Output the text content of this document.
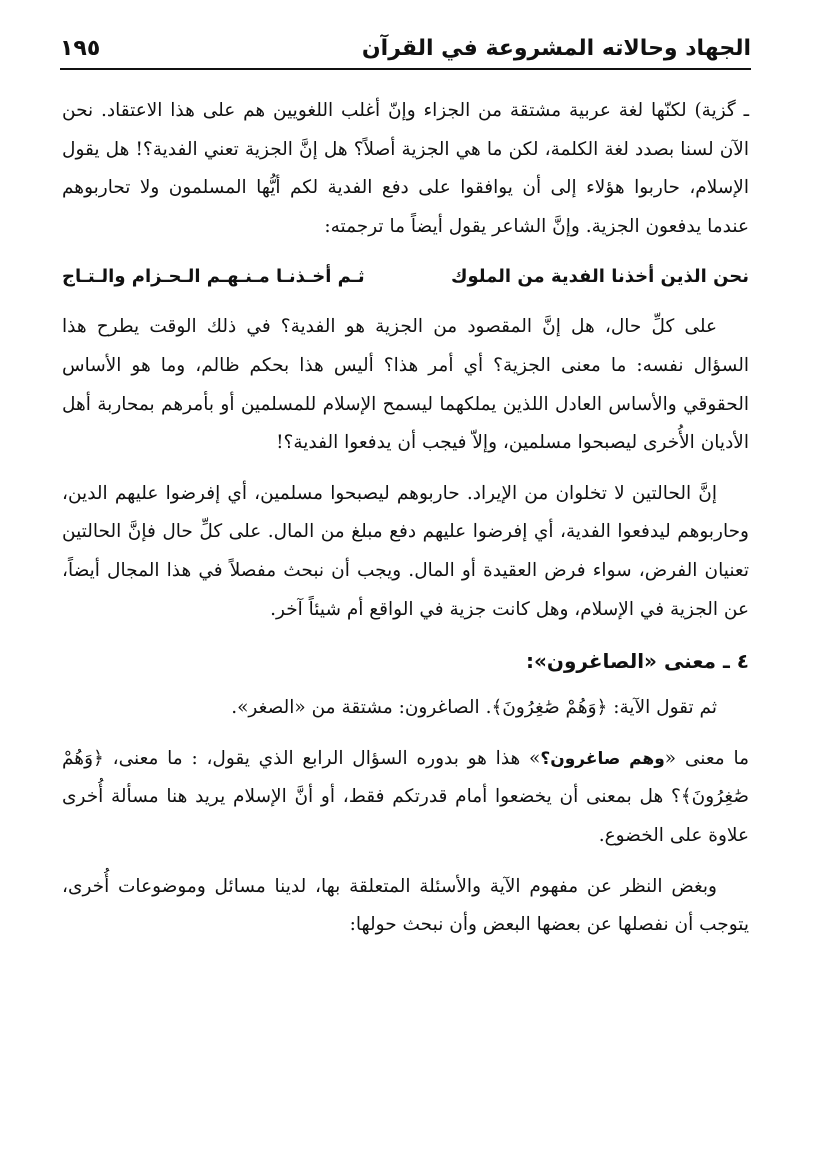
الجهاد وحالاته المشروعة في القرآن
١٩٥

ـ گزية) لكنّها لغة عربية مشتقة من الجزاء وإنّ أغلب اللغويين هم على هذا الاعتقاد. نحن الآن لسنا بصدد لغة الكلمة، لكن ما هي الجزية أصلاً؟ هل إنَّ الجزية تعني الفدية؟! هل يقول الإسلام، حاربوا هؤلاء إلى أن يوافقوا على دفع الفدية لكم أيُّها المسلمون ولا تحاربوهم عندما يدفعون الجزية. وإنَّ الشاعر يقول أيضاً ما ترجمته:

نحن الذين أخذنا الفدية من الملوك
ثـم أخـذنـا مـنـهـم الـحـزام والـتـاج

على كلِّ حال، هل إنَّ المقصود من الجزية هو الفدية؟ في ذلك الوقت يطرح هذا السؤال نفسه: ما معنى الجزية؟ أي أمر هذا؟ أليس هذا بحكم ظالم، وما هو الأساس الحقوقي والأساس العادل اللذين يملكهما ليسمح الإسلام للمسلمين أو بأمرهم بمحاربة أهل الأديان الأُخرى ليصبحوا مسلمين، وإلاّ فيجب أن يدفعوا الفدية؟!

إنَّ الحالتين لا تخلوان من الإيراد. حاربوهم ليصبحوا مسلمين، أي إفرضوا عليهم الدين، وحاربوهم ليدفعوا الفدية، أي إفرضوا عليهم دفع مبلغ من المال. على كلِّ حال فإنَّ الحالتين تعنيان الفرض، سواء فرض العقيدة أو المال. ويجب أن نبحث مفصلاً في هذا المجال أيضاً، عن الجزية في الإسلام، وهل كانت جزية في الواقع أم شيئاً آخر.

٤ ـ معنى «الصاغرون»:

ثم تقول الآية: ﴿وَهُمْ صَٰغِرُونَ﴾. الصاغرون: مشتقة من «الصغر».

ما معنى «وهم صاغرون؟» هذا هو بدوره السؤال الرابع الذي يقول، : ما معنى، ﴿وَهُمْ صَٰغِرُونَ﴾؟ هل بمعنى أن يخضعوا أمام قدرتكم فقط، أو أنَّ الإسلام يريد هنا مسألة أُخرى علاوة على الخضوع.

وبغض النظر عن مفهوم الآية والأسئلة المتعلقة بها، لدينا مسائل وموضوعات أُخرى، يتوجب أن نفصلها عن بعضها البعض وأن نبحث حولها:
